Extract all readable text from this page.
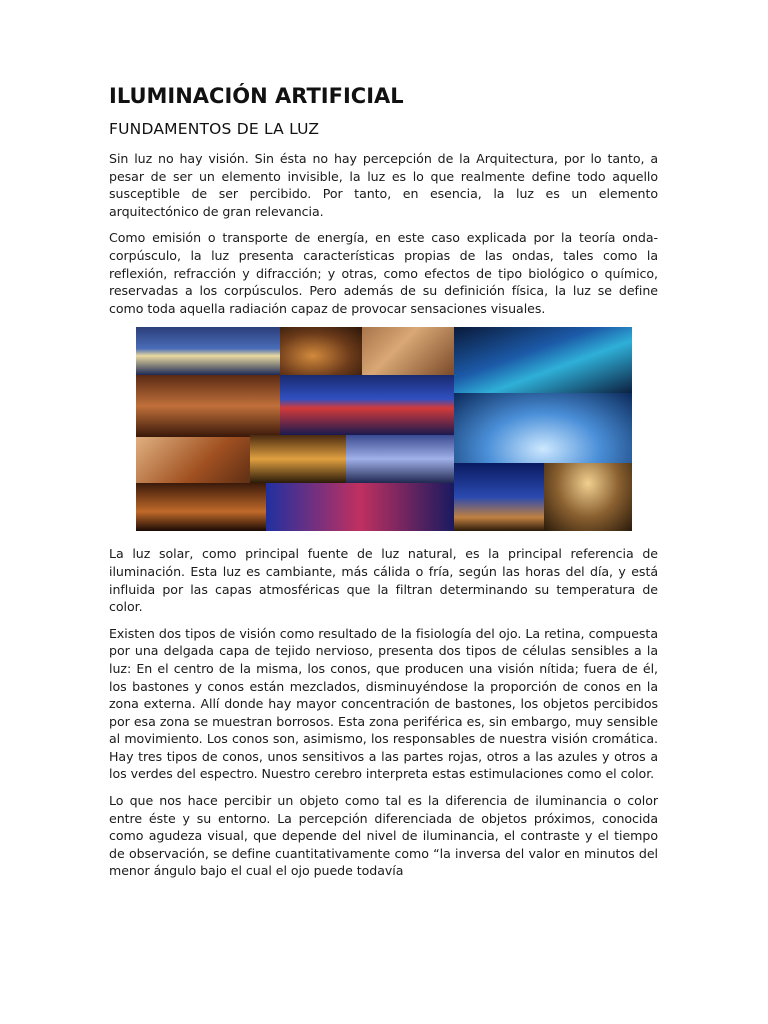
ILUMINACIÓN ARTIFICIAL
FUNDAMENTOS DE LA LUZ

Sin luz no hay visión. Sin ésta no hay percepción de la Arquitectura, por lo tanto, a pesar de ser un elemento invisible, la luz es lo que realmente define todo aquello susceptible de ser percibido. Por tanto, en esencia, la luz es un elemento arquitectónico de gran relevancia.

Como emisión o transporte de energía, en este caso explicada por la teoría onda-corpúsculo, la luz presenta características propias de las ondas, tales como la reflexión, refracción y difracción; y otras, como efectos de tipo biológico o químico, reservadas a los corpúsculos. Pero además de su definición física, la luz se define como toda aquella radiación capaz de provocar sensaciones visuales.

La luz solar, como principal fuente de luz natural, es la principal referencia de iluminación. Esta luz es cambiante, más cálida o fría, según las horas del día, y está influida por las capas atmosféricas que la filtran determinando su temperatura de color.

Existen dos tipos de visión como resultado de la fisiología del ojo. La retina, compuesta por una delgada capa de tejido nervioso, presenta dos tipos de células sensibles a la luz: En el centro de la misma, los conos, que producen una visión nítida; fuera de él, los bastones y conos están mezclados, disminuyéndose la proporción de conos en la zona externa. Allí donde hay mayor concentración de bastones, los objetos percibidos por esa zona se muestran borrosos. Esta zona periférica es, sin embargo, muy sensible al movimiento. Los conos son, asimismo, los responsables de nuestra visión cromática. Hay tres tipos de conos, unos sensitivos a las partes rojas, otros a las azules y otros a los verdes del espectro. Nuestro cerebro interpreta estas estimulaciones como el color.

Lo que nos hace percibir un objeto como tal es la diferencia de iluminancia o color entre éste y su entorno. La percepción diferenciada de objetos próximos, conocida como agudeza visual, que depende del nivel de iluminancia, el contraste y el tiempo de observación, se define cuantitativamente como “la inversa del valor en minutos del menor ángulo bajo el cual el ojo puede todavía
